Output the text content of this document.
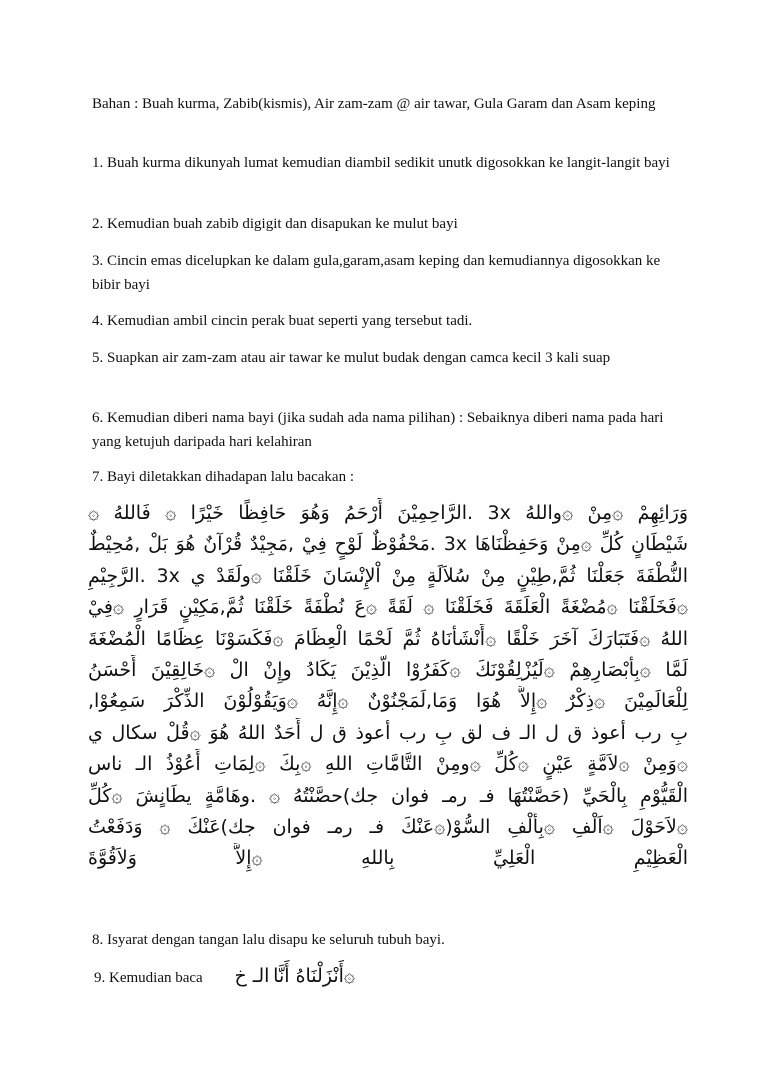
Bahan : Buah kurma, Zabib(kismis), Air zam-zam @ air tawar, Gula Garam dan Asam keping

1. Buah kurma dikunyah lumat kemudian diambil sedikit unutk digosokkan ke langit-langit bayi

2. Kemudian buah zabib digigit dan disapukan ke mulut bayi

3. Cincin emas dicelupkan ke dalam gula,garam,asam keping dan kemudiannya digosokkan ke bibir bayi

4. Kemudian ambil cincin perak buat seperti yang tersebut tadi.

5. Suapkan air zam-zam atau air tawar ke mulut budak dengan camca kecil 3 kali suap

6. Kemudian diberi nama bayi (jika sudah ada nama pilihan) : Sebaiknya diberi nama pada hari yang ketujuh daripada hari kelahiran

7. Bayi diletakkan dihadapan lalu bacakan :

وَرَائِهِمْ ۞مِنْ ۞واللهُ 3x .الرَّاحِمِيْنَ أَرْحَمُ وَهُوَ حَافِظًا خَيْرًا ۞ فَاللهُ ۞
شَيْطَانٍ كُلِّ ۞مِنْ وَحَفِظْنَاهَا 3x .مَحْفُوْظٌ لَوْحٍ فِيْ ,مَجِيْدٌ قُرْآنٌ هُوَ بَلْ ,مُحِيْطٌ
النُّطْفَةَ جَعَلْنَا ثُمَّ,طِيْنٍ مِنْ سُلاَلَةٍ مِنْ اْلإِنْسَانَ خَلَقْنَا ۞ولَقَدْ ي 3x .الرَّجِيْمِ
۞فَخَلَقْنَا ۞مُضْغَةً الْعَلَقَةَ فَخَلَقْنَا ۞ لَقَةً ۞عَ نُطْفَةً خَلَقْنَا ثُمَّ,مَكِيْنٍ قَرَارٍ ۞فِيْ
اللهُ ۞فَتَبَارَكَ آخَرَ خَلْقًا ۞أَنْشَأْنَاهُ ثُمَّ لَحْمًا الْعِظَامَ ۞فَكَسَوْنَا عِظَامًا الْمُضْغَةَ
لَمَّا ۞بِأَبْصَارِهِمْ ۞لَيُزْلِقُوْنَكَ ۞كَفَرُوْا الَّذِيْنَ يَكَادُ وإِنْ الْ ۞خَالِقِيْنَ أَحْسَنُ
لِلْعَالَمِيْنَ ۞ذِكْرٌ ۞إِلاَّ هُوَا وَمَا,لَمَجْنُوْنٌ ۞إِنَّهُ ۞وَيَقُوْلُوْنَ الذِّكْرَ سَمِعُوْا,
بِ رب أعوذ ق ل الـ ف لق بِ رب أعوذ ق ل أَحَدٌ اللهُ هُوَ ۞قُلْ سكال ي
۞وَمِنْ ۞لاَمَّةٍ عَيْنٍ ۞كُلِّ ۞ومِنْ التَّامَّاتِ اللهِ ۞بِكَ ۞لِمَاتِ أَعُوْذُ الـ ناس
الْقَيُّوْمِ بِالْحَيِّ (حَصَّنْتُهَا فـ رمـ فوان جك)حصَّنْتُهُ ۞ .وهَامَّةٍ يطَانٍشَ ۞كُلِّ
۞لاَحَوْلَ ۞اَلْفِ ۞بِأَلْفِ السُّوْ(۞عَنْكَ فـ رمـ فوان جك)عَنْكَ ۞ وَدَفَعْتُ
الْعَظِيْمِ الْعَلِيِّ بِاللهِ ۞إِلاَّ وَلاَقُوَّةَ

8. Isyarat dengan tangan lalu disapu ke seluruh tubuh bayi.

9. Kemudian baca	۞أَنْزَلْنَاهُ أَنَّا الـ خ
